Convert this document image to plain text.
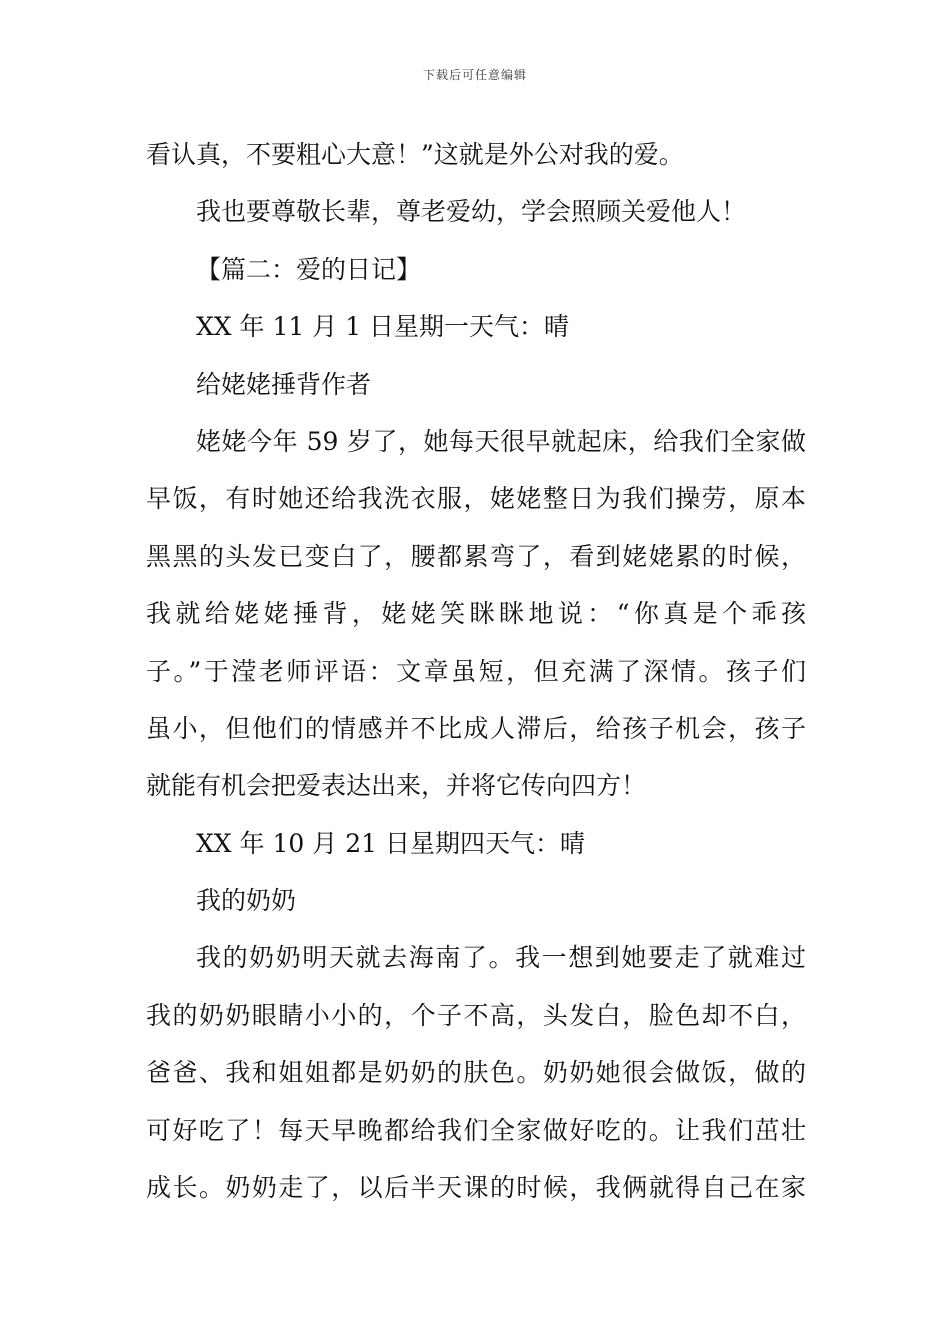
下载后可任意编辑
看认真，不要粗心大意！”这就是外公对我的爱。
我也要尊敬长辈，尊老爱幼，学会照顾关爱他人！
【篇二：爱的日记】
XX 年 11 月 1 日星期一天气：晴
给姥姥捶背作者
姥姥今年 59 岁了，她每天很早就起床，给我们全家做
早饭，有时她还给我洗衣服，姥姥整日为我们操劳，原本
黑黑的头发已变白了，腰都累弯了，看到姥姥累的时候，
我就给姥姥捶背，姥姥笑眯眯地说：“你真是个乖孩
子。”于滢老师评语：文章虽短，但充满了深情。孩子们
虽小，但他们的情感并不比成人滞后，给孩子机会，孩子
就能有机会把爱表达出来，并将它传向四方！
XX 年 10 月 21 日星期四天气：晴
我的奶奶
我的奶奶明天就去海南了。我一想到她要走了就难过
我的奶奶眼睛小小的，个子不高，头发白，脸色却不白，
爸爸、我和姐姐都是奶奶的肤色。奶奶她很会做饭，做的
可好吃了！每天早晚都给我们全家做好吃的。让我们茁壮
成长。奶奶走了，以后半天课的时候，我俩就得自己在家
